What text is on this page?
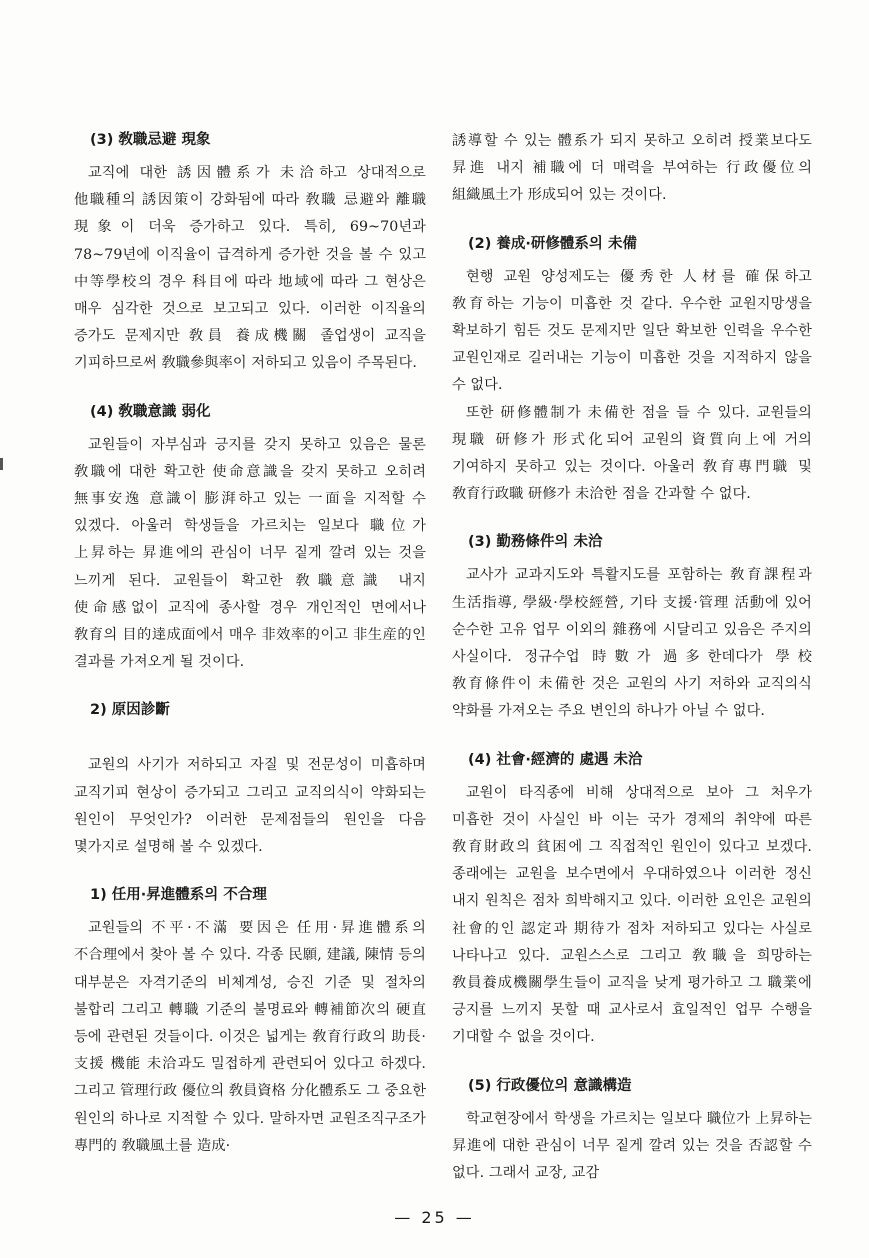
(3) 敎職忌避 現象

교직에 대한 誘因體系가 未洽하고 상대적으로 他職種의 誘因策이 강화됨에 따라 敎職 忌避와 離職 現象이 더욱 증가하고 있다. 특히, 69~70년과 78~79년에 이직율이 급격하게 증가한 것을 볼 수 있고 中等學校의 경우 科目에 따라 地域에 따라 그 현상은 매우 심각한 것으로 보고되고 있다. 이러한 이직율의 증가도 문제지만 敎員 養成機關 졸업생이 교직을 기피하므로써 敎職參與率이 저하되고 있음이 주목된다.

(4) 敎職意識 弱化

교원들이 자부심과 긍지를 갖지 못하고 있음은 물론 敎職에 대한 확고한 使命意識을 갖지 못하고 오히려 無事安逸 意識이 膨湃하고 있는 一面을 지적할 수 있겠다. 아울러 학생들을 가르치는 일보다 職位가 上昇하는 昇進에의 관심이 너무 짙게 깔려 있는 것을 느끼게 된다. 교원들이 확고한 敎職意識 내지 使命感없이 교직에 종사할 경우 개인적인 면에서나 敎育의 目的達成面에서 매우 非效率的이고 非生産的인 결과를 가져오게 될 것이다.

2) 原因診斷

교원의 사기가 저하되고 자질 및 전문성이 미흡하며 교직기피 현상이 증가되고 그리고 교직의식이 약화되는 원인이 무엇인가? 이러한 문제점들의 원인을 다음 몇가지로 설명해 볼 수 있겠다.

1) 任用·昇進體系의 不合理

교원들의 不平·不滿 要因은 任用·昇進體系의 不合理에서 찾아 볼 수 있다. 각종 民願, 建議, 陳情 등의 대부분은 자격기준의 비체계성, 승진 기준 및 절차의 불합리 그리고 轉職 기준의 불명료와 轉補節次의 硬直 등에 관련된 것들이다. 이것은 넓게는 敎育行政의 助長·支援 機能 未洽과도 밀접하게 관련되어 있다고 하겠다. 그리고 管理行政 優位의 敎員資格 分化體系도 그 중요한 원인의 하나로 지적할 수 있다. 말하자면 교원조직구조가 專門的 敎職風土를 造成·

誘導할 수 있는 體系가 되지 못하고 오히려 授業보다도 昇進 내지 補職에 더 매력을 부여하는 行政優位의 組織風土가 形成되어 있는 것이다.

(2) 養成·研修體系의 未備

현행 교원 양성제도는 優秀한 人材를 確保하고 敎育하는 기능이 미흡한 것 같다. 우수한 교원지망생을 확보하기 힘든 것도 문제지만 일단 확보한 인력을 우수한 교원인재로 길러내는 기능이 미흡한 것을 지적하지 않을 수 없다.

또한 研修體制가 未備한 점을 들 수 있다. 교원들의 現職 研修가 形式化되어 교원의 資質向上에 거의 기여하지 못하고 있는 것이다. 아울러 敎育專門職 및 敎育行政職 研修가 未洽한 점을 간과할 수 없다.

(3) 勤務條件의 未洽

교사가 교과지도와 특활지도를 포함하는 敎育課程과 生活指導, 學級·學校經營, 기타 支援·管理 活動에 있어 순수한 고유 업무 이외의 雜務에 시달리고 있음은 주지의 사실이다. 정규수업 時數가 過多한데다가 學校 敎育條件이 未備한 것은 교원의 사기 저하와 교직의식 약화를 가져오는 주요 변인의 하나가 아닐 수 없다.

(4) 社會·經濟的 處遇 未洽

교원이 타직종에 비해 상대적으로 보아 그 처우가 미흡한 것이 사실인 바 이는 국가 경제의 취약에 따른 敎育財政의 貧困에 그 직접적인 원인이 있다고 보겠다. 종래에는 교원을 보수면에서 우대하였으나 이러한 정신 내지 원칙은 점차 희박해지고 있다. 이러한 요인은 교원의 社會的인 認定과 期待가 점차 저하되고 있다는 사실로 나타나고 있다. 교원스스로 그리고 敎職을 희망하는 敎員養成機關學生들이 교직을 낮게 평가하고 그 職業에 긍지를 느끼지 못할 때 교사로서 효일적인 업무 수행을 기대할 수 없을 것이다.

(5) 行政優位의 意識構造

학교현장에서 학생을 가르치는 일보다 職位가 上昇하는 昇進에 대한 관심이 너무 짙게 깔려 있는 것을 否認할 수 없다. 그래서 교장, 교감

— 25 —
